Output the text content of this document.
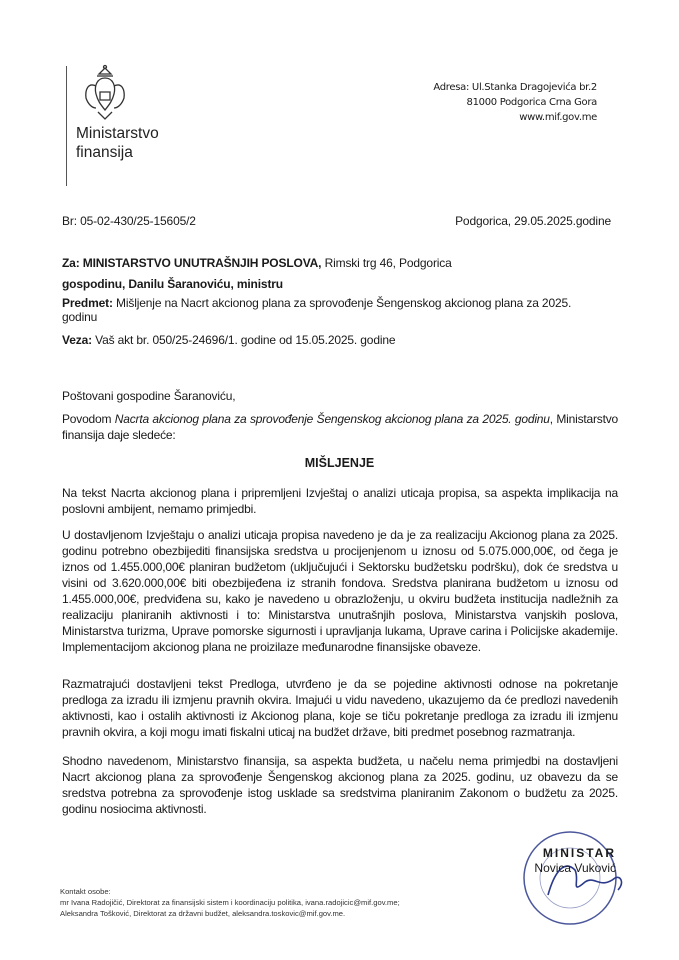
Ministarstvo
finansija
Adresa: Ul.Stanka Dragojevića br.2
81000 Podgorica Crna Gora
www.mif.gov.me
Br: 05-02-430/25-15605/2	Podgorica, 29.05.2025.godine
Za: MINISTARSTVO UNUTRAŠNJIH POSLOVA, Rimski trg 46, Podgorica
gospodinu, Danilu Šaranoviću, ministru
Predmet: Mišljenje na Nacrt akcionog plana za sprovođenje Šengenskog akcionog plana za 2025. godinu
Veza: Vaš akt br. 050/25-24696/1. godine od 15.05.2025. godine
Poštovani gospodine Šaranoviću,
Povodom Nacrta akcionog plana za sprovođenje Šengenskog akcionog plana za 2025. godinu, Ministarstvo finansija daje sledeće:
MIŠLJENJE
Na tekst Nacrta akcionog plana i pripremljeni Izvještaj o analizi uticaja propisa, sa aspekta implikacija na poslovni ambijent, nemamo primjedbi.
U dostavljenom Izvještaju o analizi uticaja propisa navedeno je da je za realizaciju Akcionog plana za 2025. godinu potrebno obezbijediti finansijska sredstva u procijenjenom u iznosu od 5.075.000,00€, od čega je iznos od 1.455.000,00€ planiran budžetom (uključujući i Sektorsku budžetsku podršku), dok će sredstva u visini od 3.620.000,00€ biti obezbijeđena iz stranih fondova. Sredstva planirana budžetom u iznosu od 1.455.000,00€, predviđena su, kako je navedeno u obrazloženju, u okviru budžeta institucija nadležnih za realizaciju planiranih aktivnosti i to: Ministarstva unutrašnjih poslova, Ministarstva vanjskih poslova, Ministarstva turizma, Uprave pomorske sigurnosti i upravljanja lukama, Uprave carina i Policijske akademije. Implementacijom akcionog plana ne proizilaze međunarodne finansijske obaveze.
Razmatrajući dostavljeni tekst Predloga, utvrđeno je da se pojedine aktivnosti odnose na pokretanje predloga za izradu ili izmjenu pravnih okvira. Imajući u vidu navedeno, ukazujemo da će predlozi navedenih aktivnosti, kao i ostalih aktivnosti iz Akcionog plana, koje se tiču pokretanje predloga za izradu ili izmjenu pravnih okvira, a koji mogu imati fiskalni uticaj na budžet države, biti predmet posebnog razmatranja.
Shodno navedenom, Ministarstvo finansija, sa aspekta budžeta, u načelu nema primjedbi na dostavljeni Nacrt akcionog plana za sprovođenje Šengenskog akcionog plana za 2025. godinu, uz obavezu da se sredstva potrebna za sprovođenje istog uskladе sa sredstvima planiranim Zakonom o budžetu za 2025. godinu nosiocima aktivnosti.
MINISTAR
Novica Vuković
Kontakt osobe:
mr Ivana Radojičić, Direktorat za finansijski sistem i koordinaciju politika, ivana.radojicic@mif.gov.me;
Aleksandra Tošković, Direktorat za državni budžet, aleksandra.toskovic@mif.gov.me.
